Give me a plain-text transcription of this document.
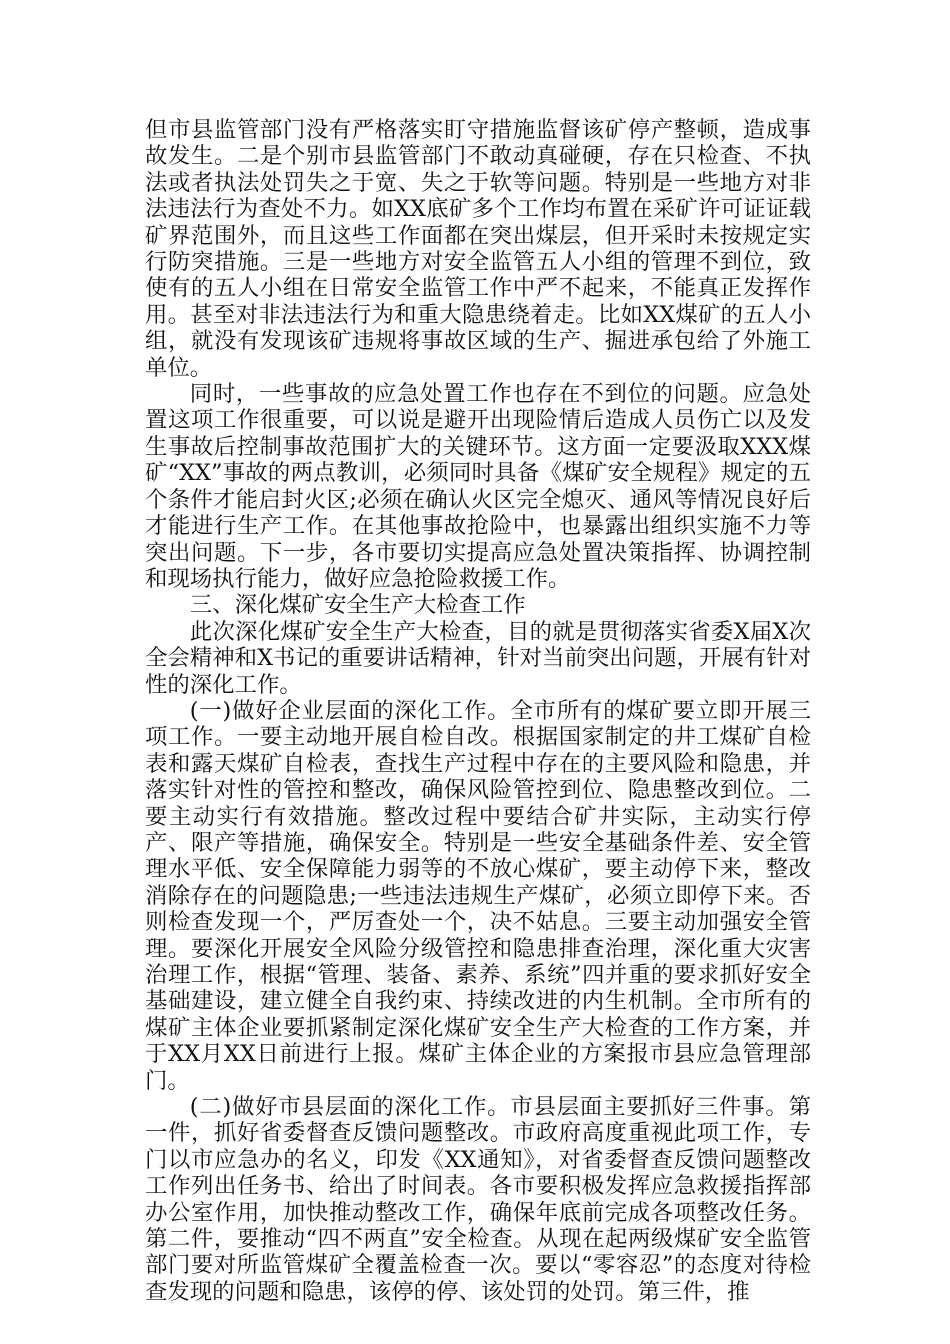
但市县监管部门没有严格落实盯守措施监督该矿停产整顿，造成事故发生。二是个别市县监管部门不敢动真碰硬，存在只检查、不执法或者执法处罚失之于宽、失之于软等问题。特别是一些地方对非法违法行为查处不力。如XX底矿多个工作均布置在采矿许可证证载矿界范围外，而且这些工作面都在突出煤层，但开采时未按规定实行防突措施。三是一些地方对安全监管五人小组的管理不到位，致使有的五人小组在日常安全监管工作中严不起来，不能真正发挥作用。甚至对非法违法行为和重大隐患绕着走。比如XX煤矿的五人小组，就没有发现该矿违规将事故区域的生产、掘进承包给了外施工单位。

同时，一些事故的应急处置工作也存在不到位的问题。应急处置这项工作很重要，可以说是避开出现险情后造成人员伤亡以及发生事故后控制事故范围扩大的关键环节。这方面一定要汲取XXX煤矿“XX”事故的两点教训，必须同时具备《煤矿安全规程》规定的五个条件才能启封火区;必须在确认火区完全熄灭、通风等情况良好后才能进行生产工作。在其他事故抢险中，也暴露出组织实施不力等突出问题。下一步，各市要切实提高应急处置决策指挥、协调控制和现场执行能力，做好应急抢险救援工作。

三、深化煤矿安全生产大检查工作

此次深化煤矿安全生产大检查，目的就是贯彻落实省委X届X次全会精神和X书记的重要讲话精神，针对当前突出问题，开展有针对性的深化工作。

(一)做好企业层面的深化工作。全市所有的煤矿要立即开展三项工作。一要主动地开展自检自改。根据国家制定的井工煤矿自检表和露天煤矿自检表，查找生产过程中存在的主要风险和隐患，并落实针对性的管控和整改，确保风险管控到位、隐患整改到位。二要主动实行有效措施。整改过程中要结合矿井实际，主动实行停产、限产等措施，确保安全。特别是一些安全基础条件差、安全管理水平低、安全保障能力弱等的不放心煤矿，要主动停下来，整改消除存在的问题隐患;一些违法违规生产煤矿，必须立即停下来。否则检查发现一个，严厉查处一个，决不姑息。三要主动加强安全管理。要深化开展安全风险分级管控和隐患排查治理，深化重大灾害治理工作，根据“管理、装备、素养、系统”四并重的要求抓好安全基础建设，建立健全自我约束、持续改进的内生机制。全市所有的煤矿主体企业要抓紧制定深化煤矿安全生产大检查的工作方案，并于XX月XX日前进行上报。煤矿主体企业的方案报市县应急管理部门。

(二)做好市县层面的深化工作。市县层面主要抓好三件事。第一件，抓好省委督查反馈问题整改。市政府高度重视此项工作，专门以市应急办的名义，印发《XX通知》，对省委督查反馈问题整改工作列出任务书、给出了时间表。各市要积极发挥应急救援指挥部办公室作用，加快推动整改工作，确保年底前完成各项整改任务。第二件，要推动“四不两直”安全检查。从现在起两级煤矿安全监管部门要对所监管煤矿全覆盖检查一次。要以“零容忍”的态度对待检查发现的问题和隐患，该停的停、该处罚的处罚。第三件，推
